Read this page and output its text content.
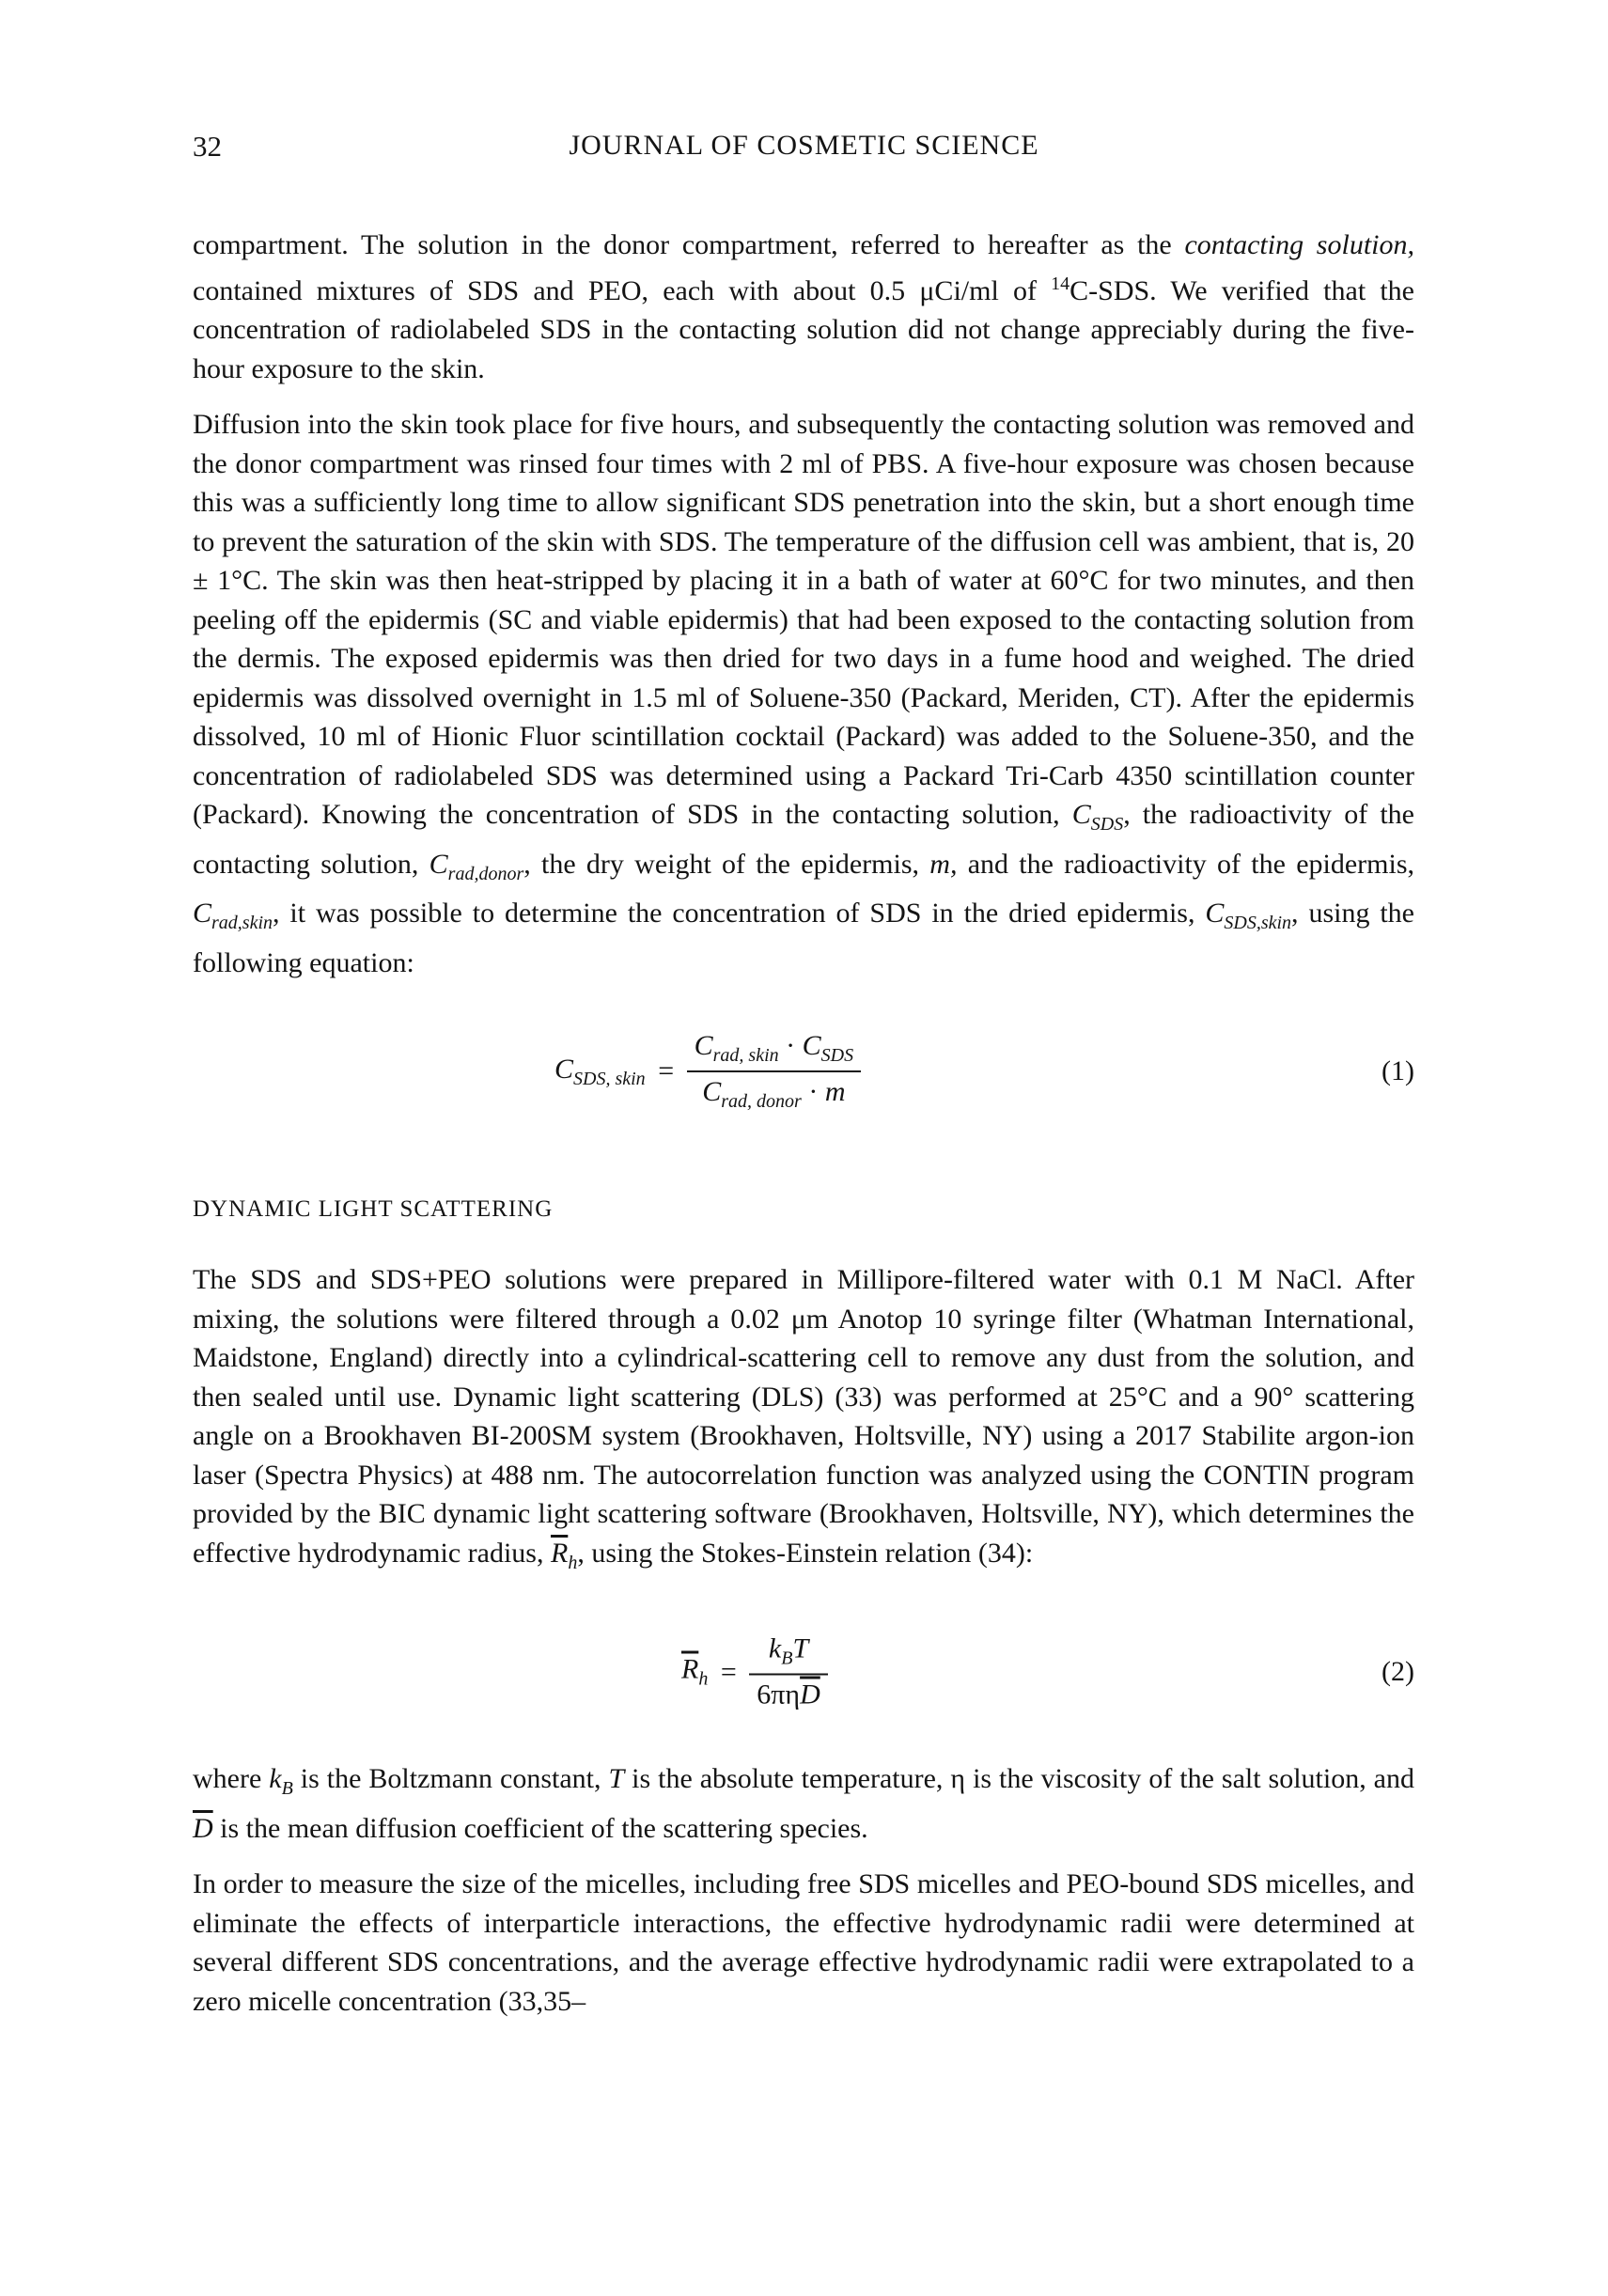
32	JOURNAL OF COSMETIC SCIENCE

compartment. The solution in the donor compartment, referred to hereafter as the contacting solution, contained mixtures of SDS and PEO, each with about 0.5 μCi/ml of $^{14}$C-SDS. We verified that the concentration of radiolabeled SDS in the contacting solution did not change appreciably during the five-hour exposure to the skin.

Diffusion into the skin took place for five hours, and subsequently the contacting solution was removed and the donor compartment was rinsed four times with 2 ml of PBS. A five-hour exposure was chosen because this was a sufficiently long time to allow significant SDS penetration into the skin, but a short enough time to prevent the saturation of the skin with SDS. The temperature of the diffusion cell was ambient, that is, 20 ± 1°C. The skin was then heat-stripped by placing it in a bath of water at 60°C for two minutes, and then peeling off the epidermis (SC and viable epidermis) that had been exposed to the contacting solution from the dermis. The exposed epidermis was then dried for two days in a fume hood and weighed. The dried epidermis was dissolved overnight in 1.5 ml of Soluene-350 (Packard, Meriden, CT). After the epidermis dissolved, 10 ml of Hionic Fluor scintillation cocktail (Packard) was added to the Soluene-350, and the concentration of radiolabeled SDS was determined using a Packard Tri-Carb 4350 scintillation counter (Packard). Knowing the concentration of SDS in the contacting solution, $C_{SDS}$, the radioactivity of the contacting solution, $C_{rad,donor}$, the dry weight of the epidermis, m, and the radioactivity of the epidermis, $C_{rad,skin}$, it was possible to determine the concentration of SDS in the dried epidermis, $C_{SDS,skin}$, using the following equation:

$C_{SDS, skin} = \frac{C_{rad, skin} \cdot C_{SDS}}{C_{rad, donor} \cdot m}$	(1)
DYNAMIC LIGHT SCATTERING

The SDS and SDS+PEO solutions were prepared in Millipore-filtered water with 0.1 M NaCl. After mixing, the solutions were filtered through a 0.02 μm Anotop 10 syringe filter (Whatman International, Maidstone, England) directly into a cylindrical-scattering cell to remove any dust from the solution, and then sealed until use. Dynamic light scattering (DLS) (33) was performed at 25°C and a 90° scattering angle on a Brookhaven BI-200SM system (Brookhaven, Holtsville, NY) using a 2017 Stabilite argon-ion laser (Spectra Physics) at 488 nm. The autocorrelation function was analyzed using the CONTIN program provided by the BIC dynamic light scattering software (Brookhaven, Holtsville, NY), which determines the effective hydrodynamic radius, $\overline{R}_h$, using the Stokes-Einstein relation (34):

$\overline{R}_h = \frac{k_BT}{6\pi\eta\overline{D}}$	(2)

where $k_B$ is the Boltzmann constant, T is the absolute temperature, η is the viscosity of the salt solution, and $\overline{D}$ is the mean diffusion coefficient of the scattering species.

In order to measure the size of the micelles, including free SDS micelles and PEO-bound SDS micelles, and eliminate the effects of interparticle interactions, the effective hydrodynamic radii were determined at several different SDS concentrations, and the average effective hydrodynamic radii were extrapolated to a zero micelle concentration (33,35–
